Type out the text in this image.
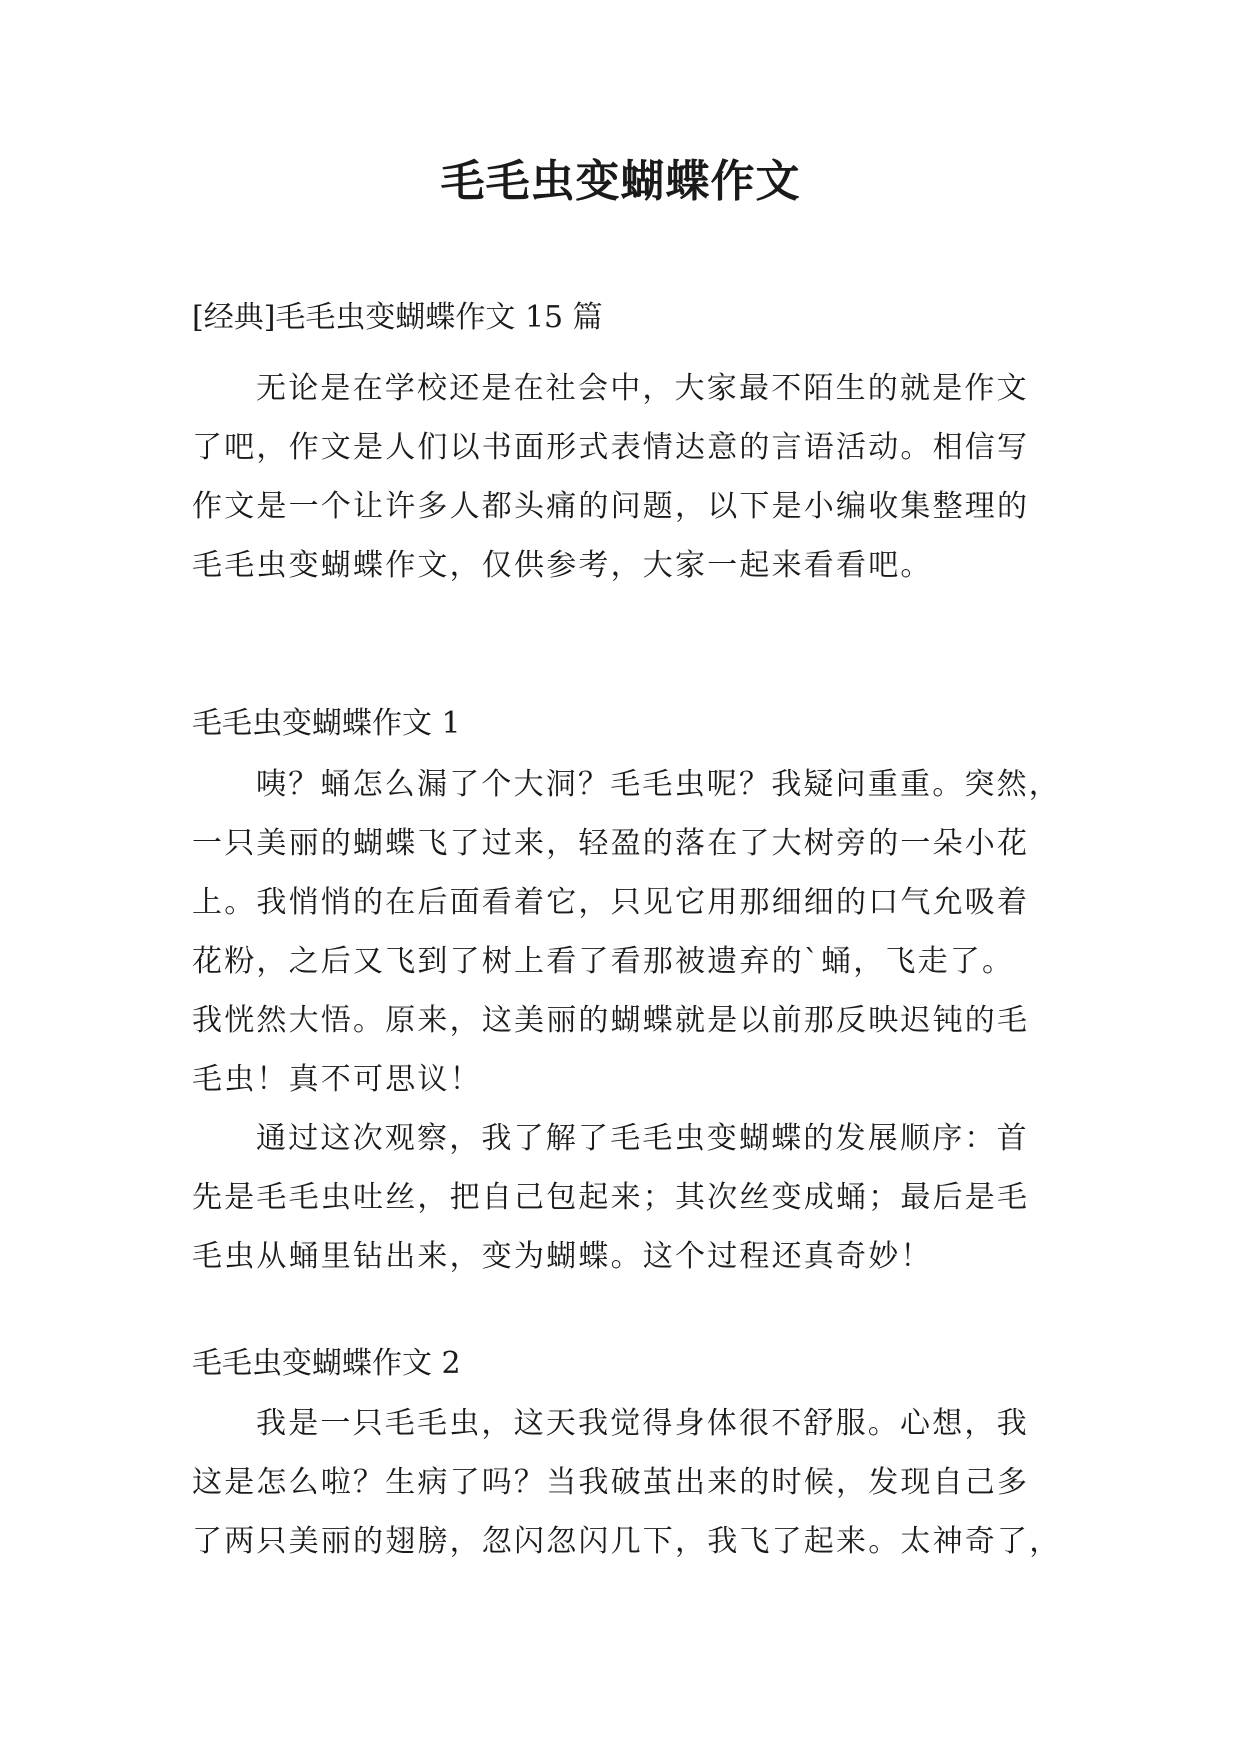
毛毛虫变蝴蝶作文
[经典]毛毛虫变蝴蝶作文 15 篇

无论是在学校还是在社会中，大家最不陌生的就是作文
了吧，作文是人们以书面形式表情达意的言语活动。相信写
作文是一个让许多人都头痛的问题，以下是小编收集整理的
毛毛虫变蝴蝶作文，仅供参考，大家一起来看看吧。

毛毛虫变蝴蝶作文 1

咦？蛹怎么漏了个大洞？毛毛虫呢？我疑问重重。突然，
一只美丽的蝴蝶飞了过来，轻盈的落在了大树旁的一朵小花
上。我悄悄的在后面看着它，只见它用那细细的口气允吸着
花粉，之后又飞到了树上看了看那被遗弃的`蛹，飞走了。
我恍然大悟。原来，这美丽的蝴蝶就是以前那反映迟钝的毛
毛虫！真不可思议！

通过这次观察，我了解了毛毛虫变蝴蝶的发展顺序：首
先是毛毛虫吐丝，把自己包起来；其次丝变成蛹；最后是毛
毛虫从蛹里钻出来，变为蝴蝶。这个过程还真奇妙！

毛毛虫变蝴蝶作文 2

我是一只毛毛虫，这天我觉得身体很不舒服。心想，我
这是怎么啦？生病了吗？当我破茧出来的时候，发现自己多
了两只美丽的翅膀，忽闪忽闪几下，我飞了起来。太神奇了，
